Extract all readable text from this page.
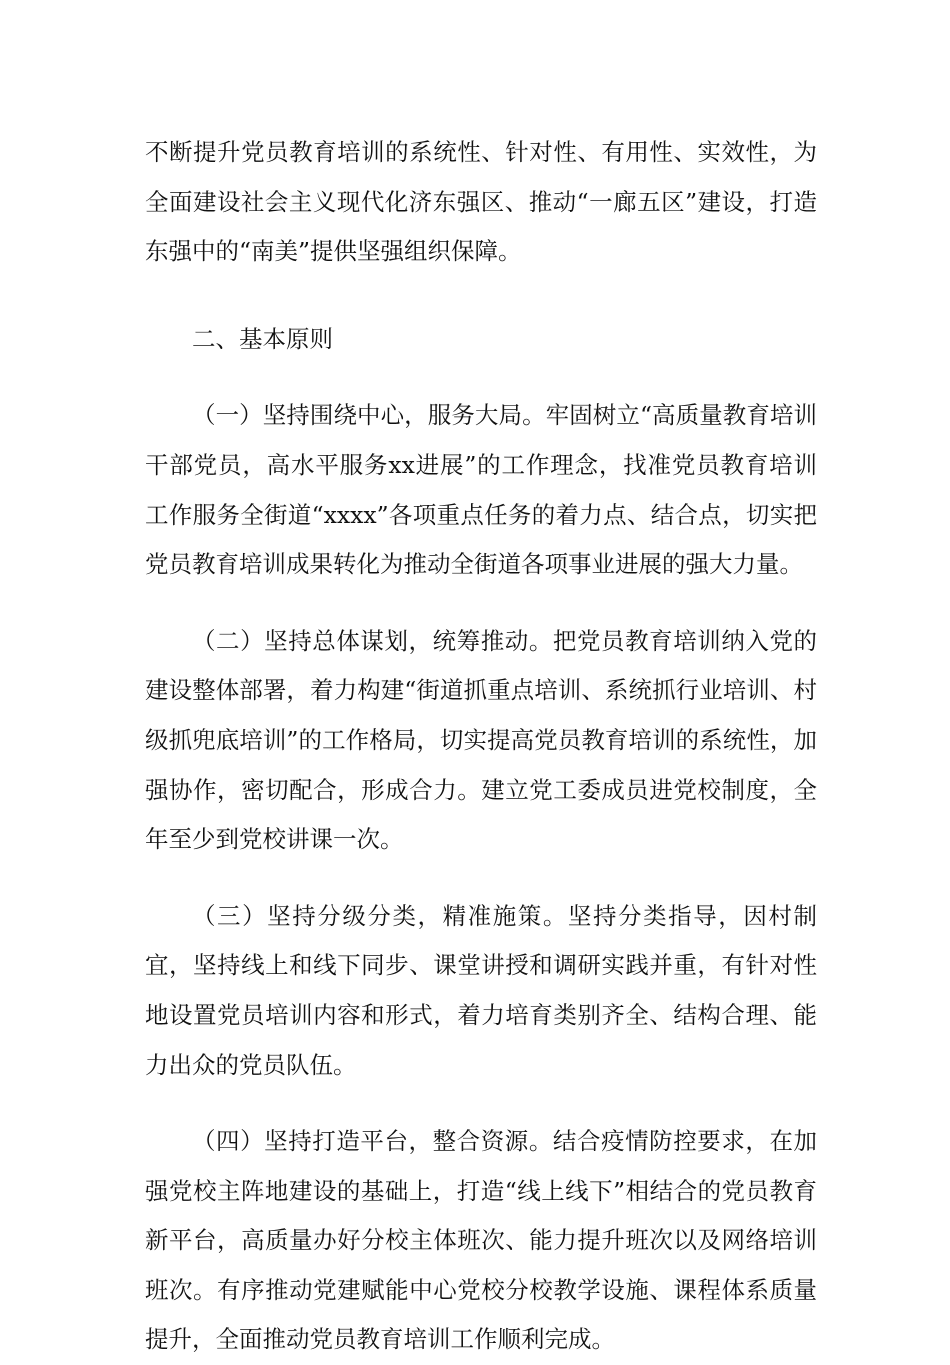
不断提升党员教育培训的系统性、针对性、有用性、实效性，为全面建设社会主义现代化济东强区、推动“一廊五区”建设，打造东强中的“南美”提供坚强组织保障。

二、基本原则

（一）坚持围绕中心，服务大局。牢固树立“高质量教育培训干部党员，高水平服务xx进展”的工作理念，找准党员教育培训工作服务全街道“xxxx”各项重点任务的着力点、结合点，切实把党员教育培训成果转化为推动全街道各项事业进展的强大力量。

（二）坚持总体谋划，统筹推动。把党员教育培训纳入党的建设整体部署，着力构建“街道抓重点培训、系统抓行业培训、村级抓兜底培训”的工作格局，切实提高党员教育培训的系统性，加强协作，密切配合，形成合力。建立党工委成员进党校制度，全年至少到党校讲课一次。

（三）坚持分级分类，精准施策。坚持分类指导，因村制宜，坚持线上和线下同步、课堂讲授和调研实践并重，有针对性地设置党员培训内容和形式，着力培育类别齐全、结构合理、能力出众的党员队伍。

（四）坚持打造平台，整合资源。结合疫情防控要求，在加强党校主阵地建设的基础上，打造“线上线下”相结合的党员教育新平台，高质量办好分校主体班次、能力提升班次以及网络培训班次。有序推动党建赋能中心党校分校教学设施、课程体系质量提升，全面推动党员教育培训工作顺利完成。
